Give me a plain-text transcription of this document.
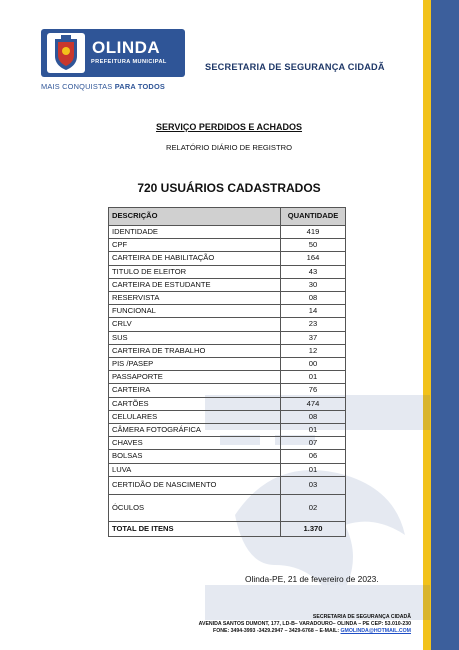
OLINDA
PREFEITURA MUNICIPAL
MAIS CONQUISTAS PARA TODOS
SECRETARIA DE SEGURANÇA CIDADÃ
SERVIÇO PERDIDOS E ACHADOS
RELATÓRIO DIÁRIO DE REGISTRO
720 USUÁRIOS CADASTRADOS
DESCRIÇÃO	QUANTIDADE
IDENTIDADE	419
CPF	50
CARTEIRA DE HABILITAÇÃO	164
TITULO DE ELEITOR	43
CARTEIRA DE ESTUDANTE	30
RESERVISTA	08
FUNCIONAL	14
CRLV	23
SUS	37
CARTEIRA DE TRABALHO	12
PIS /PASEP	00
PASSAPORTE	01
CARTEIRA	76
CARTÕES	474
CELULARES	08
CÂMERA FOTOGRÁFICA	01
CHAVES	07
BOLSAS	06
LUVA	01
CERTIDÃO DE NASCIMENTO	03
ÓCULOS	02
TOTAL DE ITENS	1.370
Olinda-PE, 21 de fevereiro de 2023.
SECRETARIA DE SEGURANÇA CIDADÃ
AVENIDA SANTOS DUMONT, 177, LD-B– VARADOURO– OLINDA – PE CEP: 53.010-230
FONE: 3494-3993 -3429.2947 – 3429-6768 – E-MAIL: GMOLINDA@HOTMAIL.COM
